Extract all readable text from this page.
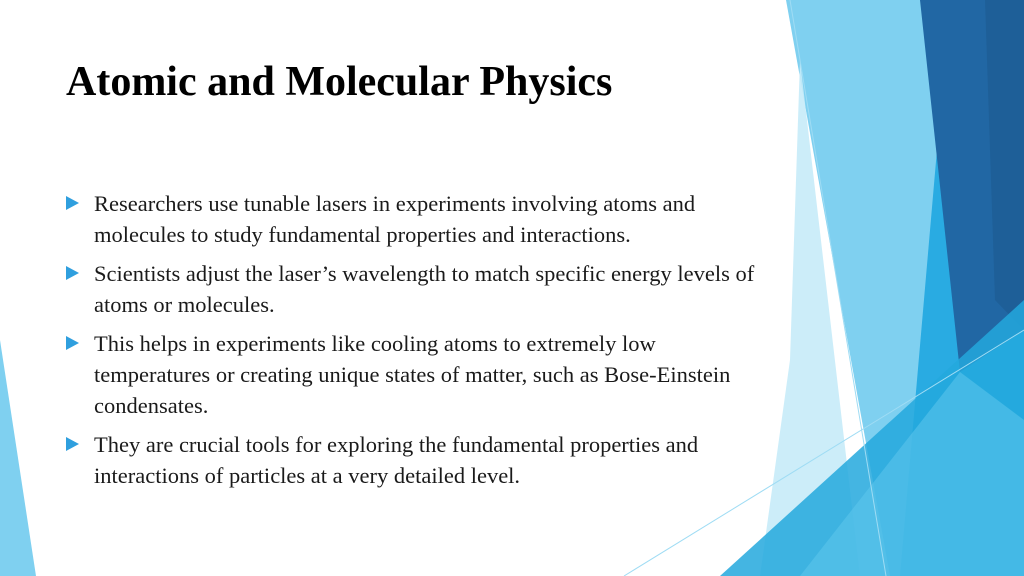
Atomic and Molecular Physics
Researchers use tunable lasers in experiments involving atoms and molecules to study fundamental properties and interactions.
Scientists adjust the laser’s wavelength to match specific energy levels of atoms or molecules.
This helps in experiments like cooling atoms to extremely low temperatures or creating unique states of matter, such as Bose-Einstein condensates.
They are crucial tools for exploring the fundamental properties and interactions of particles at a very detailed level.
